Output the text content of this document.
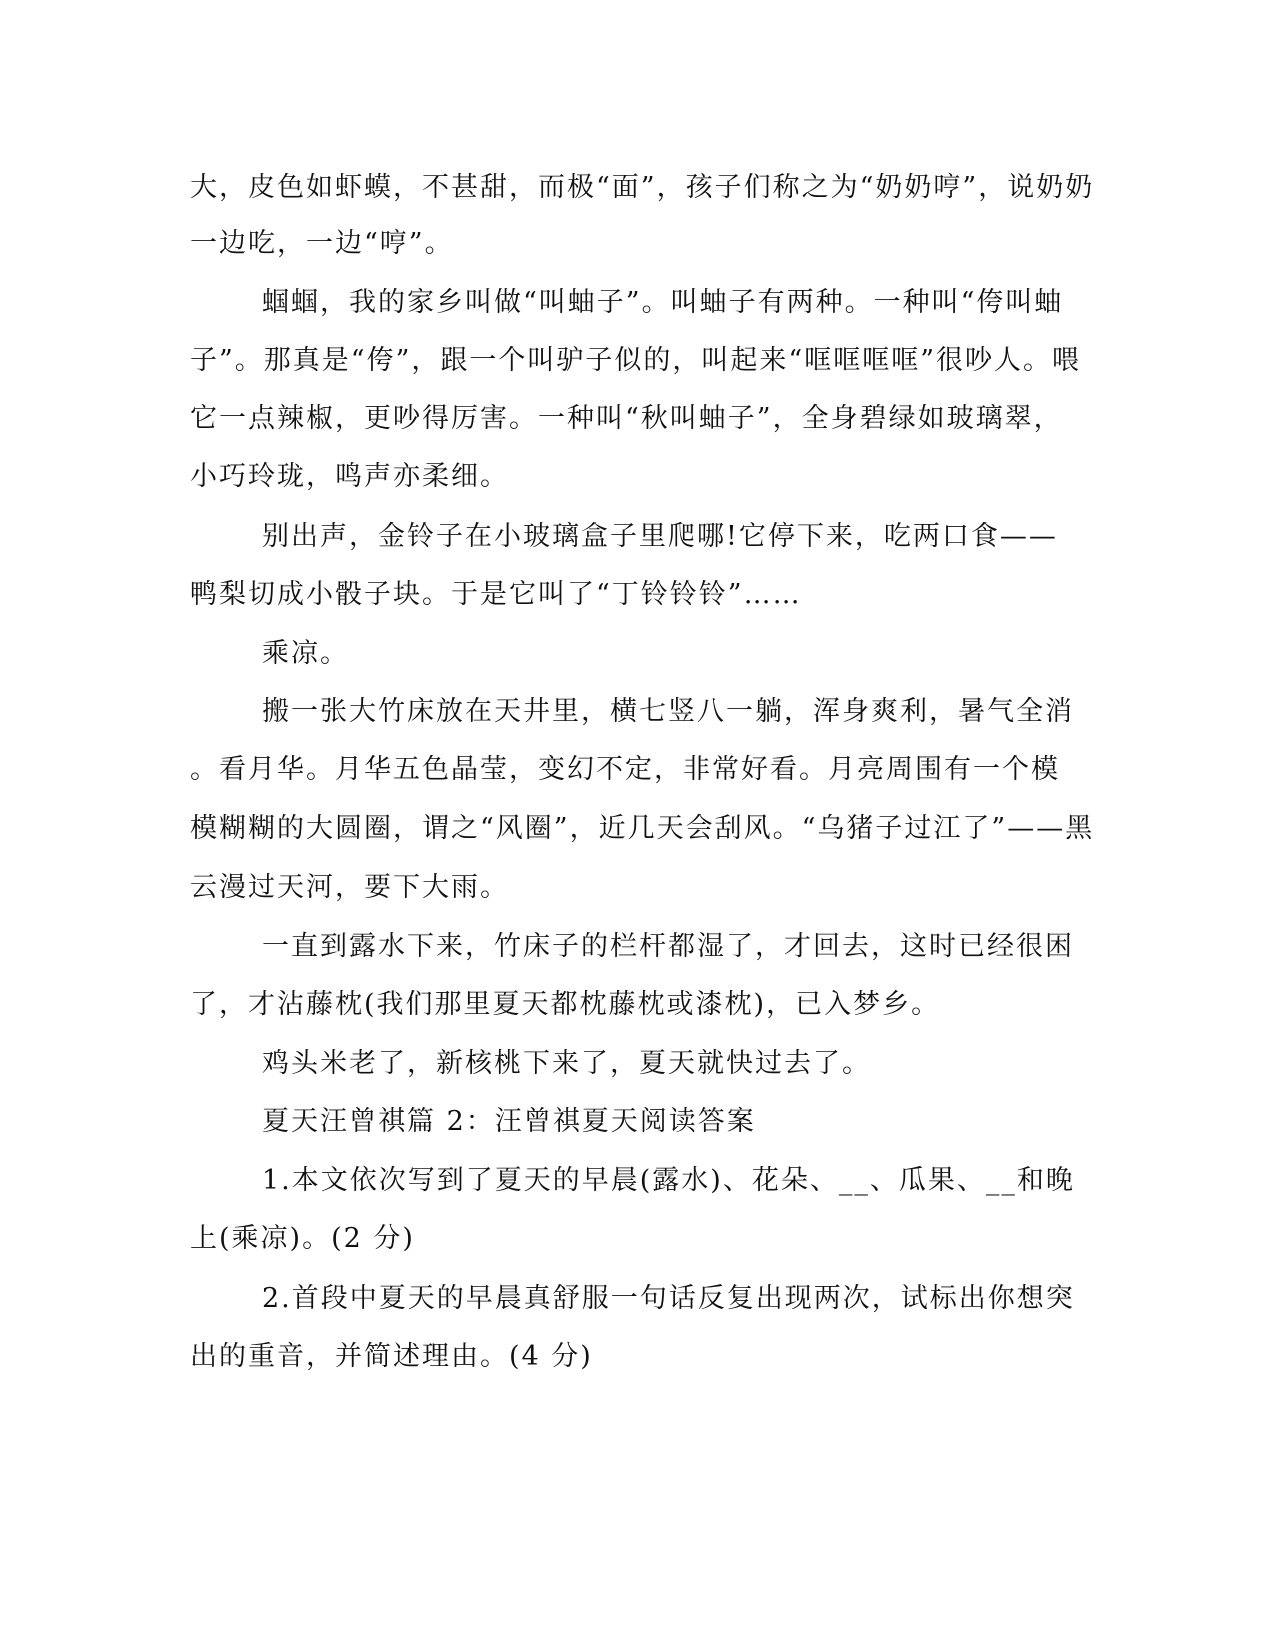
大，皮色如虾蟆，不甚甜，而极“面”，孩子们称之为“奶奶哼”，说奶奶
一边吃，一边“哼”。
蝈蝈，我的家乡叫做“叫蚰子”。叫蚰子有两种。一种叫“侉叫蚰
子”。那真是“侉”，跟一个叫驴子似的，叫起来“哐哐哐哐”很吵人。喂
它一点辣椒，更吵得厉害。一种叫“秋叫蚰子”，全身碧绿如玻璃翠，
小巧玲珑，鸣声亦柔细。
别出声，金铃子在小玻璃盒子里爬哪!它停下来，吃两口食——
鸭梨切成小骰子块。于是它叫了“丁铃铃铃”……
乘凉。
搬一张大竹床放在天井里，横七竖八一躺，浑身爽利，暑气全消
。看月华。月华五色晶莹，变幻不定，非常好看。月亮周围有一个模
模糊糊的大圆圈，谓之“风圈”，近几天会刮风。“乌猪子过江了”——黑
云漫过天河，要下大雨。
一直到露水下来，竹床子的栏杆都湿了，才回去，这时已经很困
了，才沾藤枕(我们那里夏天都枕藤枕或漆枕)，已入梦乡。
鸡头米老了，新核桃下来了，夏天就快过去了。
夏天汪曾祺篇 2：汪曾祺夏天阅读答案
1.本文依次写到了夏天的早晨(露水)、花朵、__、瓜果、__和晚
上(乘凉)。(2 分)
2.首段中夏天的早晨真舒服一句话反复出现两次，试标出你想突
出的重音，并简述理由。(4 分)
